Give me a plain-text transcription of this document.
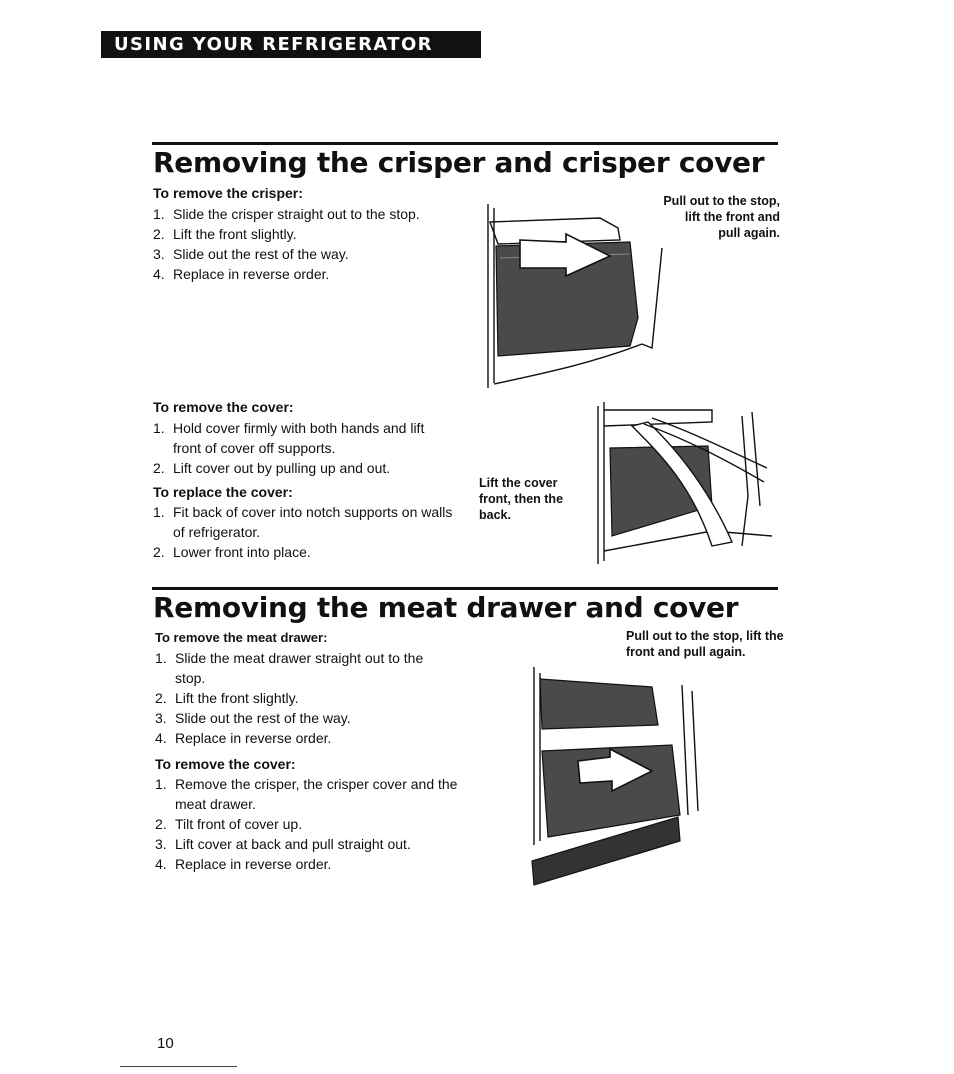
USING YOUR REFRIGERATOR
Removing the crisper and crisper cover

To remove the crisper:

1. Slide the crisper straight out to the stop.
2. Lift the front slightly.
3. Slide out the rest of the way.
4. Replace in reverse order.

Pull out to the stop, lift the front and pull again.

To remove the cover:

1. Hold cover firmly with both hands and lift front of cover off supports.
2. Lift cover out by pulling up and out.

To replace the cover:

1. Fit back of cover into notch supports on walls of refrigerator.
2. Lower front into place.

Lift the cover front, then the back.

Removing the meat drawer and cover

To remove the meat drawer:

1. Slide the meat drawer straight out to the stop.
2. Lift the front slightly.
3. Slide out the rest of the way.
4. Replace in reverse order.

Pull out to the stop, lift the front and pull again.

To remove the cover:

1. Remove the crisper, the crisper cover and the meat drawer.
2. Tilt front of cover up.
3. Lift cover at back and pull straight out.
4. Replace in reverse order.
10
